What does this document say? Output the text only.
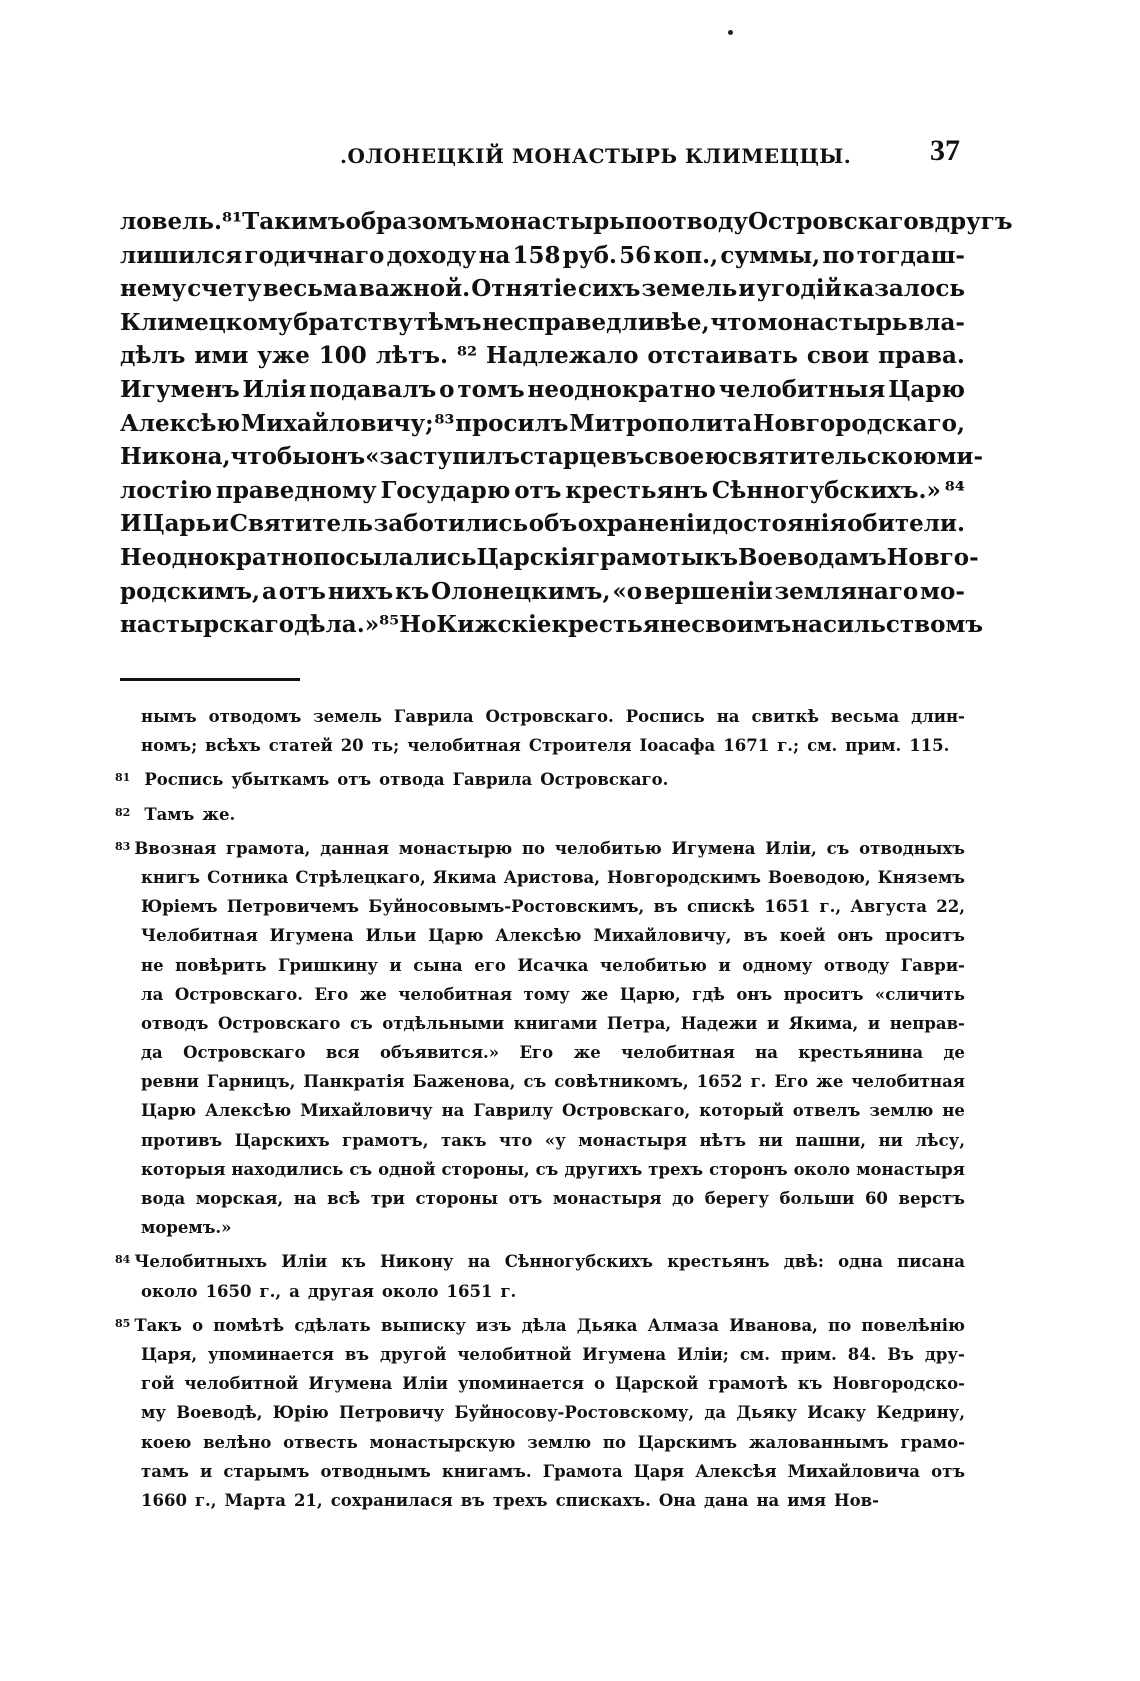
.ОЛОНЕЦКІЙ МОНАСТЫРЬ КЛИМЕЦЦЫ.	37
ловель. ⁸¹ Такимъ образомъ монастырь по отводу Островскаго вдругъ
лишился годичнаго доходу на 158 руб. 56 коп., суммы, по тогдаш-
нему счету весьма важной. Отнятіе сихъ земель и угодій казалось
Климецкому братству тѣмъ несправедливѣе, что монастырь вла-
дѣлъ ими уже 100 лѣтъ. ⁸² Надлежало отстаивать свои права.
Игуменъ Илія подавалъ о томъ неоднократно челобитныя Царю
Алексѣю Михайловичу; ⁸³ просилъ Митрополита Новгородскаго,
Никона, чтобы онъ «заступилъ старцевъ своею святительскою ми-
лостію праведному Государю отъ крестьянъ Сѣнногубскихъ.» ⁸⁴
И Царь и Святитель заботились объ охраненіи достоянія обители.
Неоднократно посылались Царскія грамоты къ Воеводамъ Новго-
родскимъ, а отъ нихъ къ Олонецкимъ, «о вершеніи землянаго мо-
настырскаго дѣла.» ⁸⁵ Но Кижскіе крестьяне своимъ насильствомъ
нымъ отводомъ земель Гаврила Островскаго. Роспись на свиткѣ весьма длин-
номъ; всѣхъ статей 20 ть; челобитная Строителя Іоасафа 1671 г.; см. прим. 115.
$^{81}$ Роспись убыткамъ отъ отвода Гаврила Островскаго.
$^{82}$ Тамъ же.
$^{83}$ Ввозная грамота, данная монастырю по челобитью Игумена Иліи, съ отводныхъ
книгъ Сотника Стрѣлецкаго, Якима Аристова, Новгородскимъ Воеводою, Княземъ
Юріемъ Петровичемъ Буйносовымъ-Ростовскимъ, въ спискѣ 1651 г., Августа 22,
Челобитная Игумена Ильи Царю Алексѣю Михайловичу, въ коей онъ проситъ
не повѣрить Гришкину и сына его Исачка челобитью и одному отводу Гаври-
ла Островскаго. Его же челобитная тому же Царю, гдѣ онъ проситъ «сличить
отводъ Островскаго съ отдѣльными книгами Петра, Надежи и Якима, и неправ-
да Островскаго вся объявится.» Его же челобитная на крестьянина де
ревни Гарницъ, Панкратія Баженова, съ совѣтникомъ, 1652 г. Его же челобитная
Царю Алексѣю Михайловичу на Гаврилу Островскаго, который отвелъ землю не
противъ Царскихъ грамотъ, такъ что «у монастыря нѣтъ ни пашни, ни лѣсу,
которыя находились съ одной стороны, съ другихъ трехъ сторонъ около монастыря
вода морская, на всѣ три стороны отъ монастыря до берегу больши 60 верстъ
моремъ.»
$^{84}$ Челобитныхъ Иліи къ Никону на Сѣнногубскихъ крестьянъ двѣ: одна писана
около 1650 г., а другая около 1651 г.
$^{85}$ Такъ о помѣтѣ сдѣлать выписку изъ дѣла Дьяка Алмаза Иванова, по повелѣнію
Царя, упоминается въ другой челобитной Игумена Иліи; см. прим. 84. Въ дру-
гой челобитной Игумена Иліи упоминается о Царской грамотѣ къ Новгородско-
му Воеводѣ, Юрію Петровичу Буйносову-Ростовскому, да Дьяку Исаку Кедрину,
коею велѣно отвесть монастырскую землю по Царскимъ жалованнымъ грамо-
тамъ и старымъ отводнымъ книгамъ. Грамота Царя Алексѣя Михайловича отъ
1660 г., Марта 21, сохранилася въ трехъ спискахъ. Она дана на имя Нов-
